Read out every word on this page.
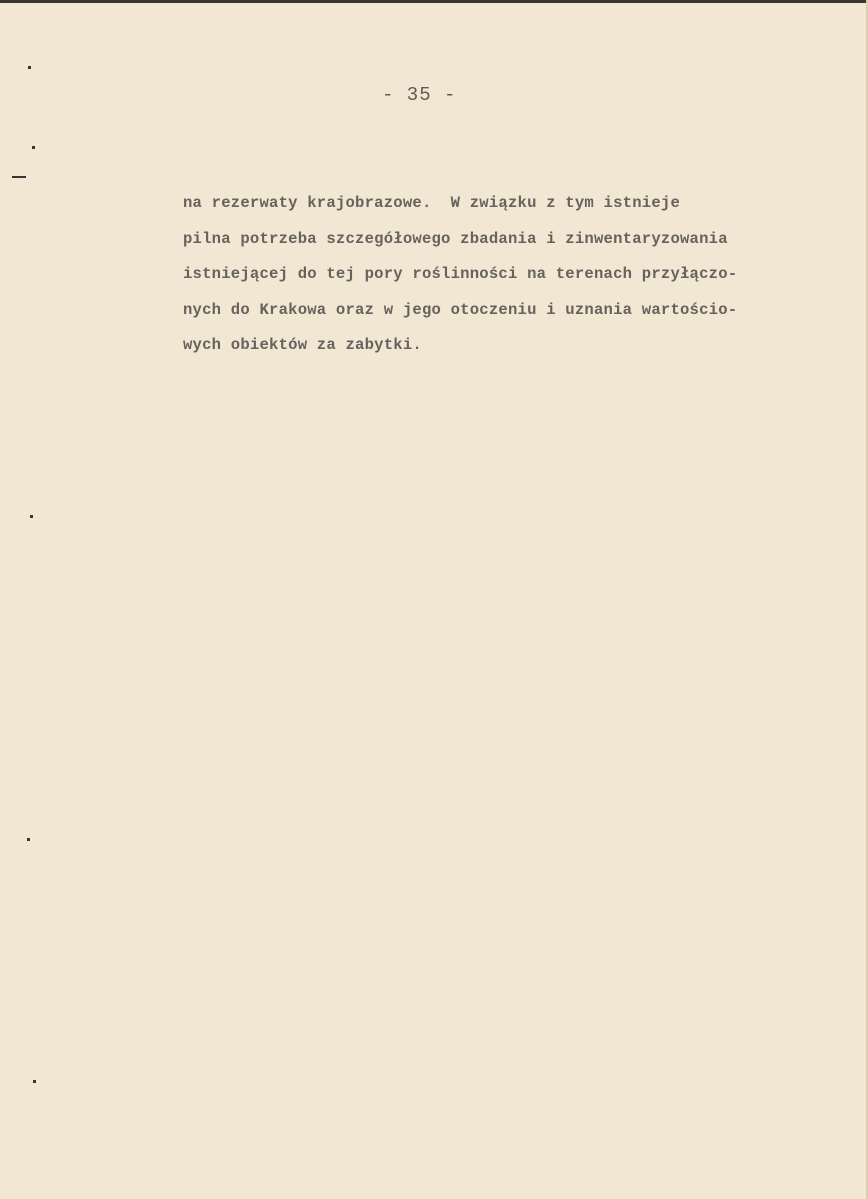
- 35 -
na rezerwaty krajobrazowe.  W związku z tym istnieje
pilna potrzeba szczegółowego zbadania i zinwentaryzowania
istniejącej do tej pory roślinności na terenach przyłączo-
nych do Krakowa oraz w jego otoczeniu i uznania wartościo-
wych obiektów za zabytki.
